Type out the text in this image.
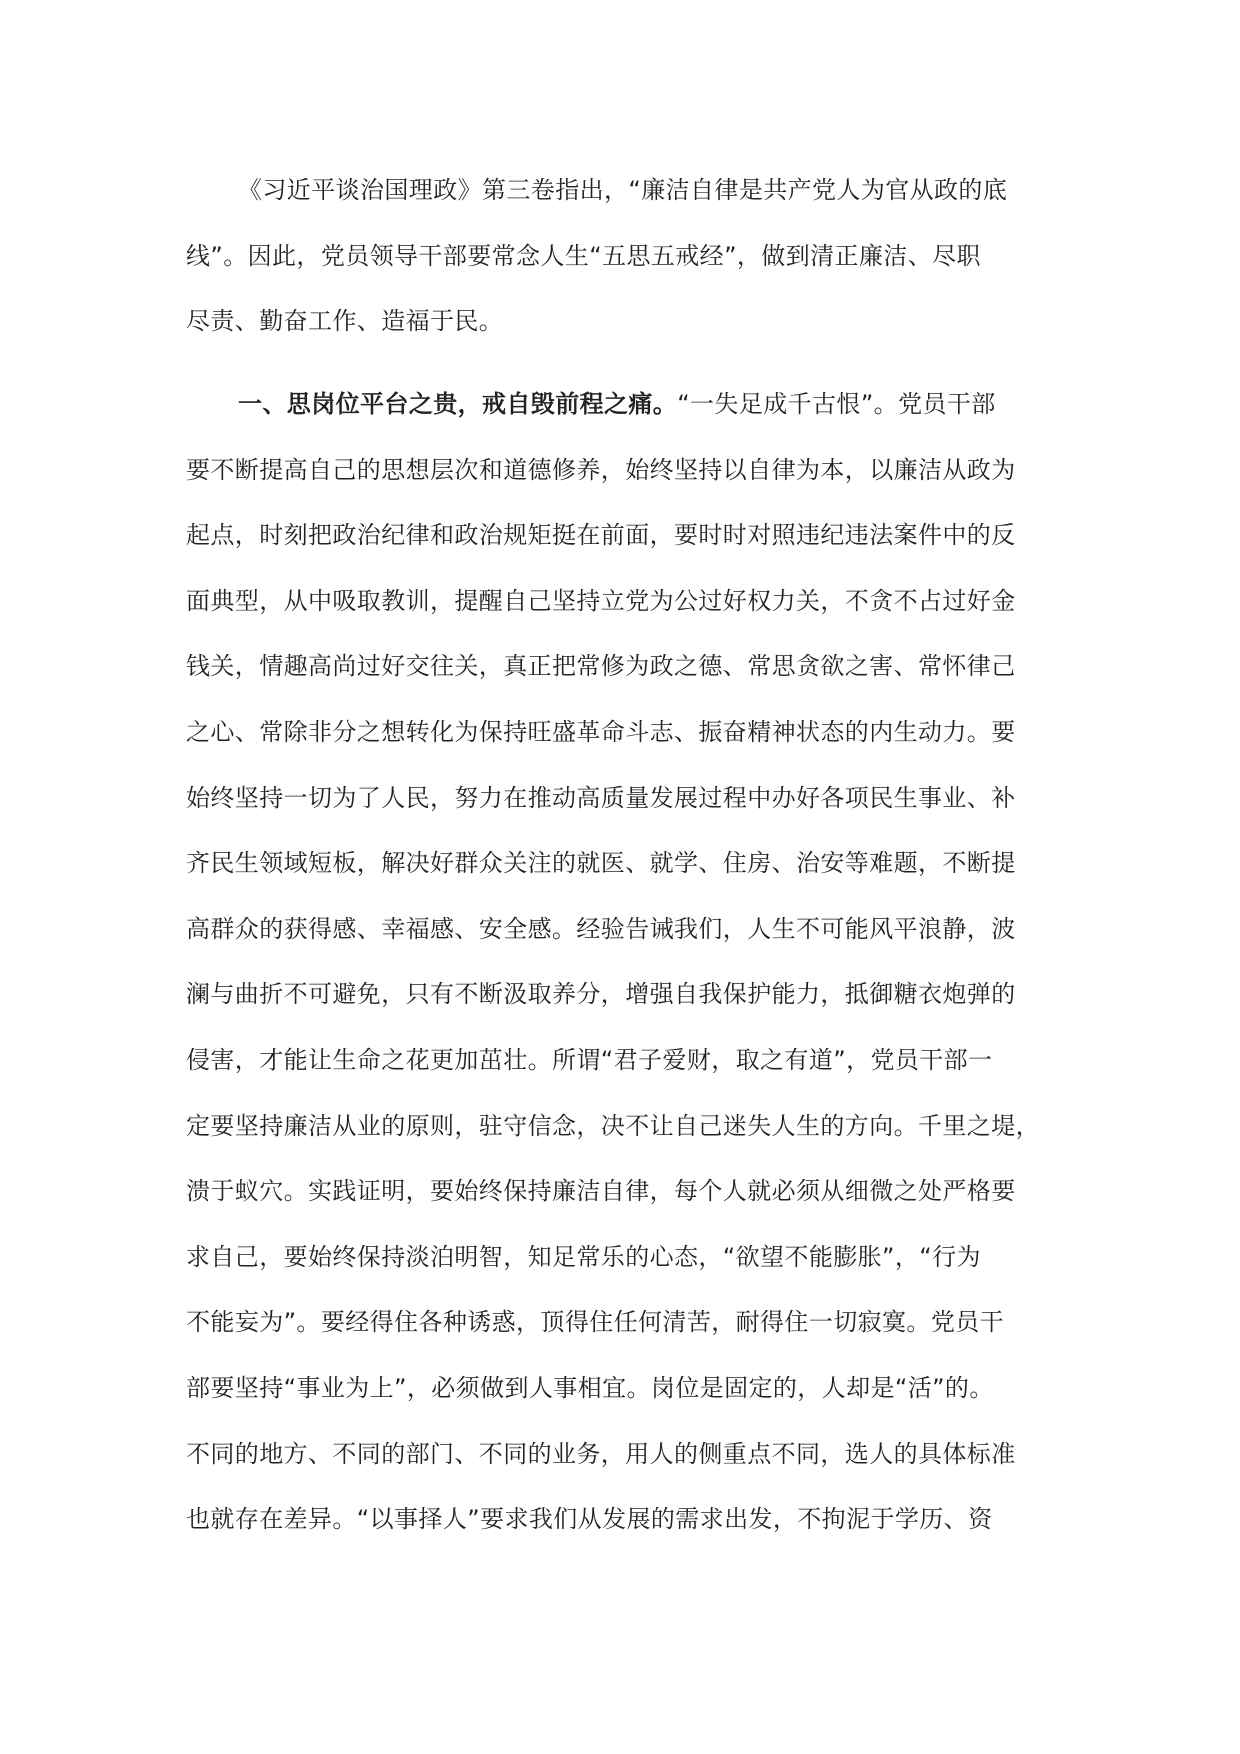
《习近平谈治国理政》第三卷指出，“廉洁自律是共产党人为官从政的底
线”。因此，党员领导干部要常念人生“五思五戒经”，做到清正廉洁、尽职
尽责、勤奋工作、造福于民。
一、思岗位平台之贵，戒自毁前程之痛。“一失足成千古恨”。党员干部
要不断提高自己的思想层次和道德修养，始终坚持以自律为本，以廉洁从政为
起点，时刻把政治纪律和政治规矩挺在前面，要时时对照违纪违法案件中的反
面典型，从中吸取教训，提醒自己坚持立党为公过好权力关，不贪不占过好金
钱关，情趣高尚过好交往关，真正把常修为政之德、常思贪欲之害、常怀律己
之心、常除非分之想转化为保持旺盛革命斗志、振奋精神状态的内生动力。要
始终坚持一切为了人民，努力在推动高质量发展过程中办好各项民生事业、补
齐民生领域短板，解决好群众关注的就医、就学、住房、治安等难题，不断提
高群众的获得感、幸福感、安全感。经验告诫我们，人生不可能风平浪静，波
澜与曲折不可避免，只有不断汲取养分，增强自我保护能力，抵御糖衣炮弹的
侵害，才能让生命之花更加茁壮。所谓“君子爱财，取之有道”，党员干部一
定要坚持廉洁从业的原则，驻守信念，决不让自己迷失人生的方向。千里之堤，
溃于蚁穴。实践证明，要始终保持廉洁自律，每个人就必须从细微之处严格要
求自己，要始终保持淡泊明智，知足常乐的心态，“欲望不能膨胀”，“行为
不能妄为”。要经得住各种诱惑，顶得住任何清苦，耐得住一切寂寞。党员干
部要坚持“事业为上”，必须做到人事相宜。岗位是固定的，人却是“活”的。
不同的地方、不同的部门、不同的业务，用人的侧重点不同，选人的具体标准
也就存在差异。“以事择人”要求我们从发展的需求出发，不拘泥于学历、资
